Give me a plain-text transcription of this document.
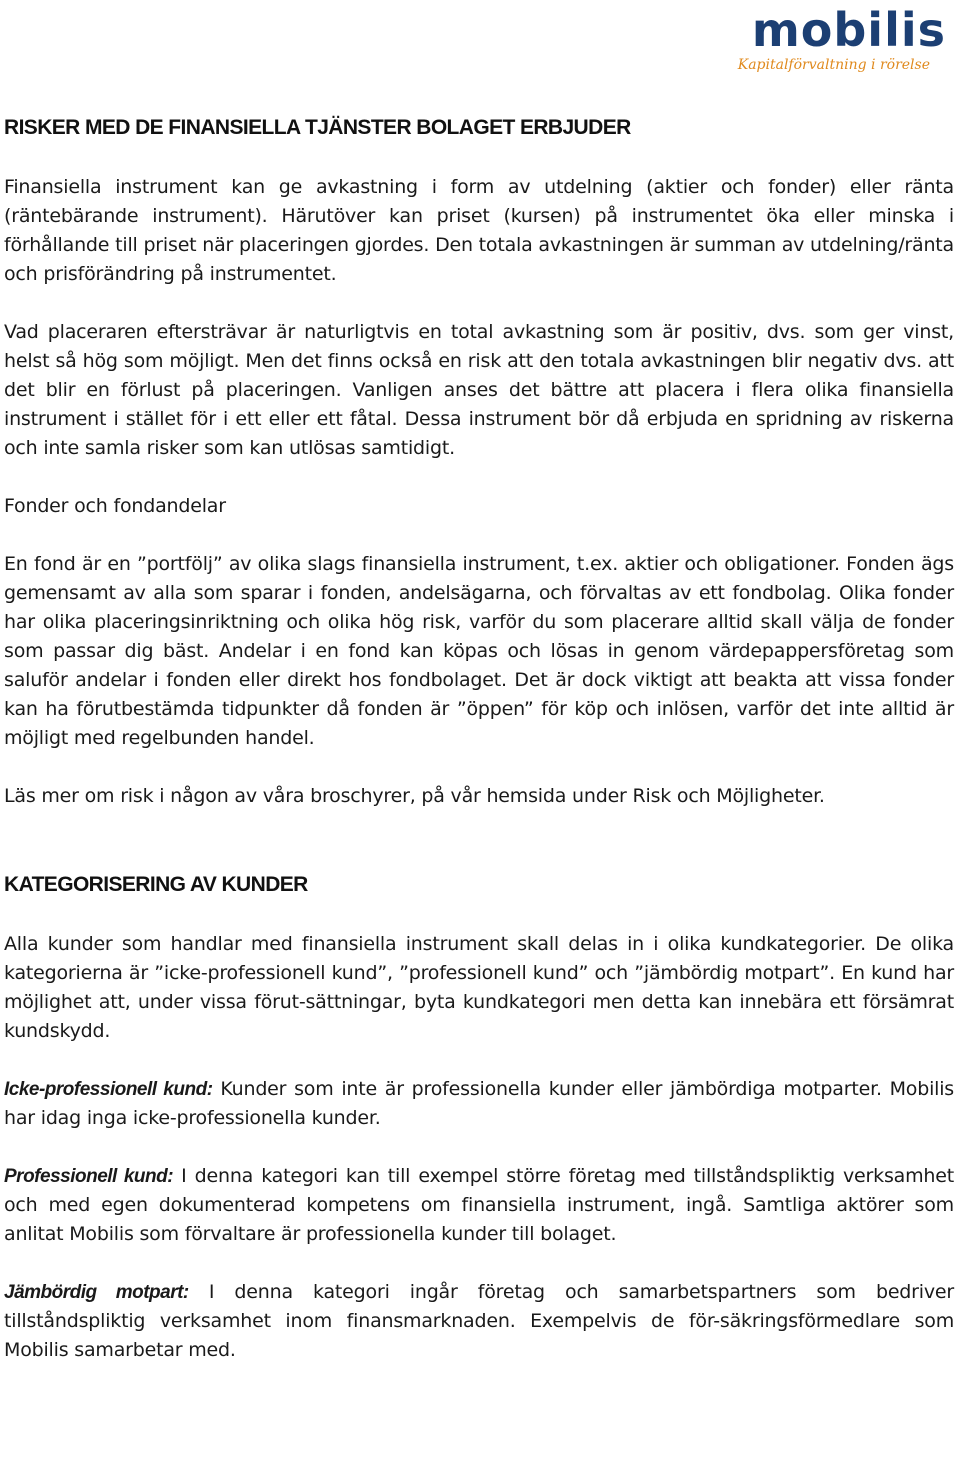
mobilis
Kapitalförvaltning i rörelse
RISKER MED DE FINANSIELLA TJÄNSTER BOLAGET ERBJUDER

Finansiella instrument kan ge avkastning i form av utdelning (aktier och fonder) eller ränta (räntebärande instrument). Härutöver kan priset (kursen) på instrumentet öka eller minska i förhållande till priset när placeringen gjordes. Den totala avkastningen är summan av utdelning/ränta och prisförändring på instrumentet.

Vad placeraren eftersträvar är naturligtvis en total avkastning som är positiv, dvs. som ger vinst, helst så hög som möjligt. Men det finns också en risk att den totala avkastningen blir negativ dvs. att det blir en förlust på placeringen. Vanligen anses det bättre att placera i flera olika finansiella instrument i stället för i ett eller ett fåtal. Dessa instrument bör då erbjuda en spridning av riskerna och inte samla risker som kan utlösas samtidigt.

Fonder och fondandelar

En fond är en ”portfölj” av olika slags finansiella instrument, t.ex. aktier och obligationer. Fonden ägs gemensamt av alla som sparar i fonden, andelsägarna, och förvaltas av ett fondbolag. Olika fonder har olika placeringsinriktning och olika hög risk, varför du som placerare alltid skall välja de fonder som passar dig bäst. Andelar i en fond kan köpas och lösas in genom värdepappersföretag som saluför andelar i fonden eller direkt hos fondbolaget. Det är dock viktigt att beakta att vissa fonder kan ha förutbestämda tidpunkter då fonden är ”öppen” för köp och inlösen, varför det inte alltid är möjligt med regelbunden handel.

Läs mer om risk i någon av våra broschyrer, på vår hemsida under Risk och Möjligheter.

KATEGORISERING AV KUNDER

Alla kunder som handlar med finansiella instrument skall delas in i olika kundkategorier. De olika kategorierna är ”icke-professionell kund”, ”professionell kund” och ”jämbördig motpart”. En kund har möjlighet att, under vissa förut-sättningar, byta kundkategori men detta kan innebära ett försämrat kundskydd.

Icke-professionell kund: Kunder som inte är professionella kunder eller jämbördiga motparter. Mobilis har idag inga icke-professionella kunder.

Professionell kund: I denna kategori kan till exempel större företag med tillståndspliktig verksamhet och med egen dokumenterad kompetens om finansiella instrument, ingå. Samtliga aktörer som anlitat Mobilis som förvaltare är professionella kunder till bolaget.

Jämbördig motpart: I denna kategori ingår företag och samarbetspartners som bedriver tillståndspliktig verksamhet inom finansmarknaden. Exempelvis de för-säkringsförmedlare som Mobilis samarbetar med.
